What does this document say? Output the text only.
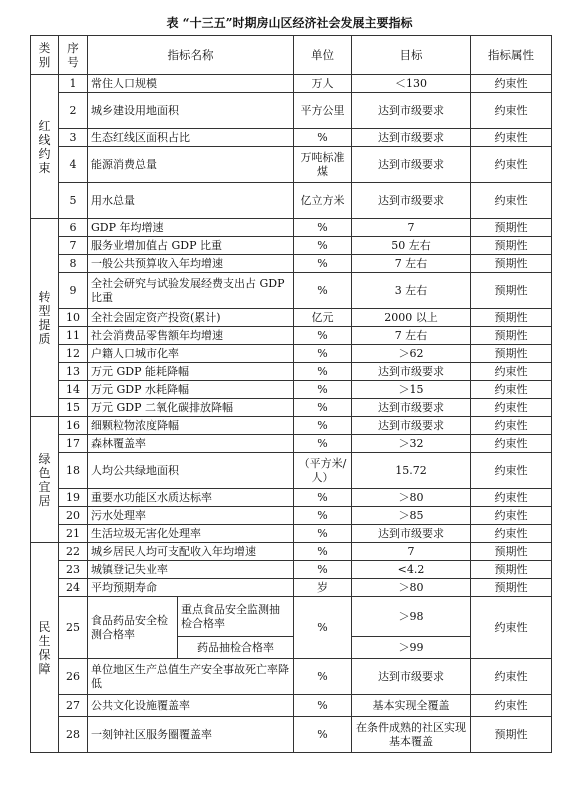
表 “十三五”时期房山区经济社会发展主要指标
类别	序号	指标名称		单位	目标	指标属性
红线约束	1	常住人口规模		万人	＜130	约束性
	2	城乡建设用地面积		平方公里	达到市级要求	约束性
	3	生态红线区面积占比		%	达到市级要求	约束性
	4	能源消费总量		万吨标准煤	达到市级要求	约束性
	5	用水总量		亿立方米	达到市级要求	约束性
转型提质	6	GDP 年均增速		%	7	预期性
	7	服务业增加值占 GDP 比重		%	50 左右	预期性
	8	一般公共预算收入年均增速		%	7 左右	预期性
	9	全社会研究与试验发展经费支出占 GDP 比重		%	3 左右	预期性
	10	全社会固定资产投资(累计)		亿元	2000 以上	预期性
	11	社会消费品零售额年均增速		%	7 左右	预期性
	12	户籍人口城市化率		%	＞62	预期性
	13	万元 GDP 能耗降幅		%	达到市级要求	约束性
	14	万元 GDP 水耗降幅		%	＞15	约束性
	15	万元 GDP 二氧化碳排放降幅		%	达到市级要求	约束性
绿色宜居	16	细颗粒物浓度降幅		%	达到市级要求	约束性
	17	森林覆盖率		%	＞32	约束性
	18	人均公共绿地面积		（平方米/人）	15.72	约束性
	19	重要水功能区水质达标率		%	＞80	约束性
	20	污水处理率		%	＞85	约束性
	21	生活垃圾无害化处理率		%	达到市级要求	约束性
民生保障	22	城乡居民人均可支配收入年均增速		%	7	预期性
	23	城镇登记失业率		%	<4.2	预期性
	24	平均预期寿命		岁	＞80	预期性
	25	食品药品安全检测合格率	重点食品安全监测抽检合格率	%	＞98	约束性
			药品抽检合格率		＞99	
	26	单位地区生产总值生产安全事故死亡率降低		%	达到市级要求	约束性
	27	公共文化设施覆盖率		%	基本实现全覆盖	约束性
	28	一刻钟社区服务圈覆盖率		%	在条件成熟的社区实现基本覆盖	预期性
